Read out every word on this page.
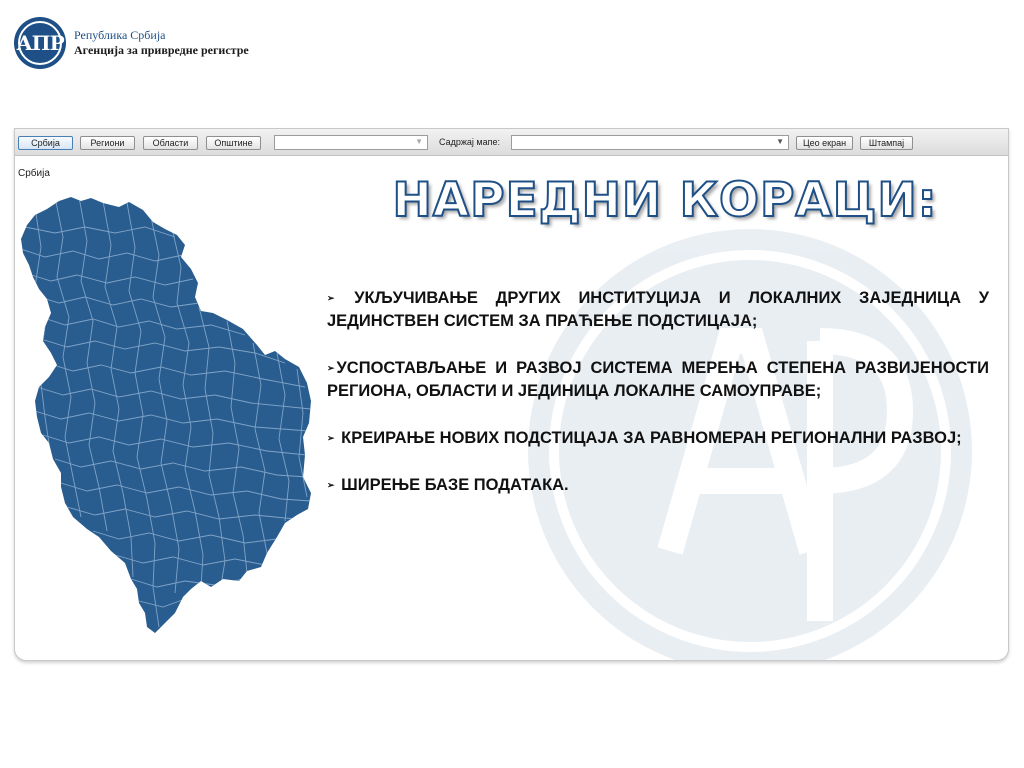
АПР Република Србија
Агенција за привредне регистре
Србија	Региони	Области	Општине	▼ Садржај мапе:	▼	Цео екран	Штампај
Србија	НАРЕДНИ КОРАЦИ:
➢ УКЉУЧИВАЊЕ ДРУГИХ ИНСТИТУЦИЈА И ЛОКАЛНИХ ЗАЈЕДНИЦА У ЈЕДИНСТВЕН СИСТЕМ ЗА ПРАЋЕЊЕ ПОДСТИЦАЈА;
➢ УСПОСТАВЉАЊЕ И РАЗВОЈ СИСТЕМА МЕРЕЊА СТЕПЕНА РАЗВИЈЕНОСТИ РЕГИОНА, ОБЛАСТИ И ЈЕДИНИЦА ЛОКАЛНЕ САМОУПРАВЕ;
➢ КРЕИРАЊЕ НОВИХ ПОДСТИЦАЈА ЗА РАВНОМЕРАН РЕГИОНАЛНИ РАЗВОЈ;
➢ ШИРЕЊЕ БАЗЕ ПОДАТАКА.
